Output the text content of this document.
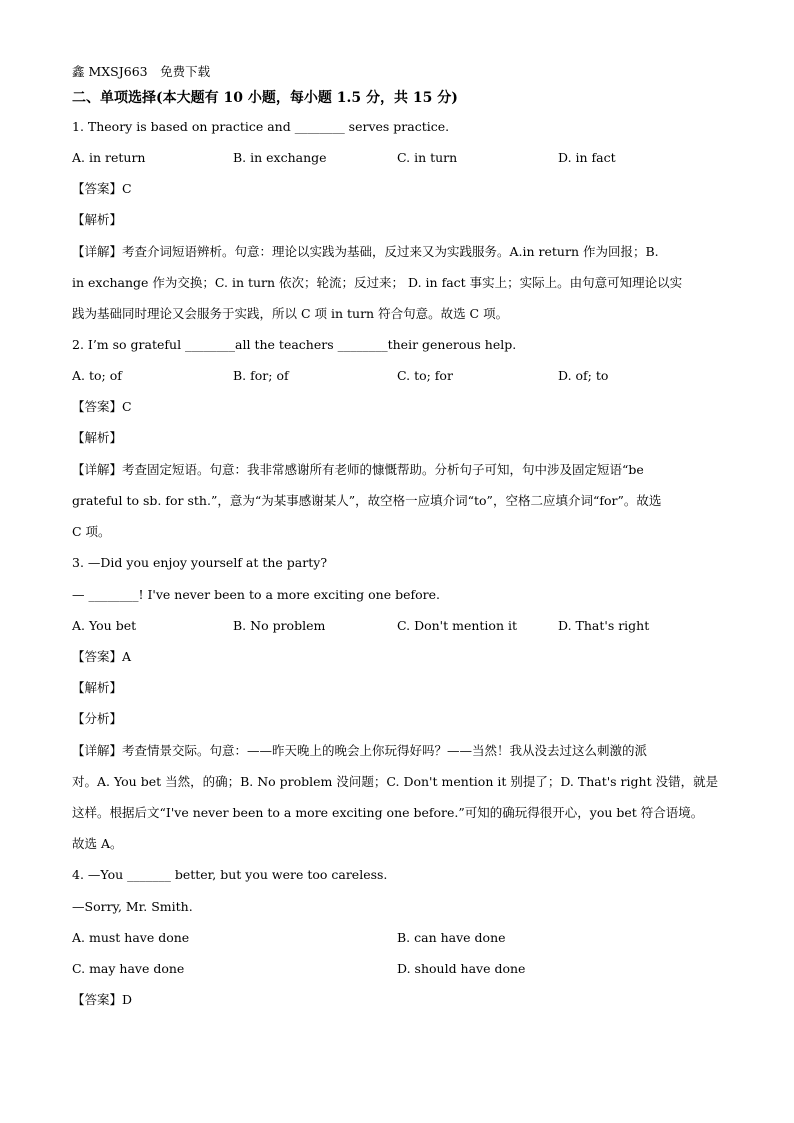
鑫 MXSJ663　免费下载
二、单项选择(本大题有 10 小题，每小题 1.5 分，共 15 分)
1. Theory is based on practice and ________ serves practice.
A. in return	B. in exchange	C. in turn	D. in fact
【答案】C
【解析】
【详解】考查介词短语辨析。句意：理论以实践为基础，反过来又为实践服务。A.in return 作为回报；B.
in exchange 作为交换；C. in turn 依次；轮流；反过来； D. in fact 事实上；实际上。由句意可知理论以实
践为基础同时理论又会服务于实践，所以 C 项 in turn 符合句意。故选 C 项。
2. I’m so grateful ________all the teachers ________their generous help.
A. to; of	B. for; of	C. to; for	D. of; to
【答案】C
【解析】
【详解】考查固定短语。句意：我非常感谢所有老师的慷慨帮助。分析句子可知，句中涉及固定短语“be
grateful to sb. for sth.”，意为“为某事感谢某人”，故空格一应填介词“to”，空格二应填介词“for”。故选
C 项。
3. —Did you enjoy yourself at the party?
— ________! I've never been to a more exciting one before.
A. You bet	B. No problem	C. Don't mention it	D. That's right
【答案】A
【解析】
【分析】
【详解】考查情景交际。句意：——昨天晚上的晚会上你玩得好吗？——当然！我从没去过这么刺激的派
对。A. You bet 当然，的确；B. No problem 没问题；C. Don't mention it 别提了；D. That's right 没错，就是
这样。根据后文“I've never been to a more exciting one before.”可知的确玩得很开心，you bet 符合语境。
故选 A。
4. —You _______ better, but you were too careless.
—Sorry, Mr. Smith.
A. must have done	B. can have done
C. may have done	D. should have done
【答案】D
